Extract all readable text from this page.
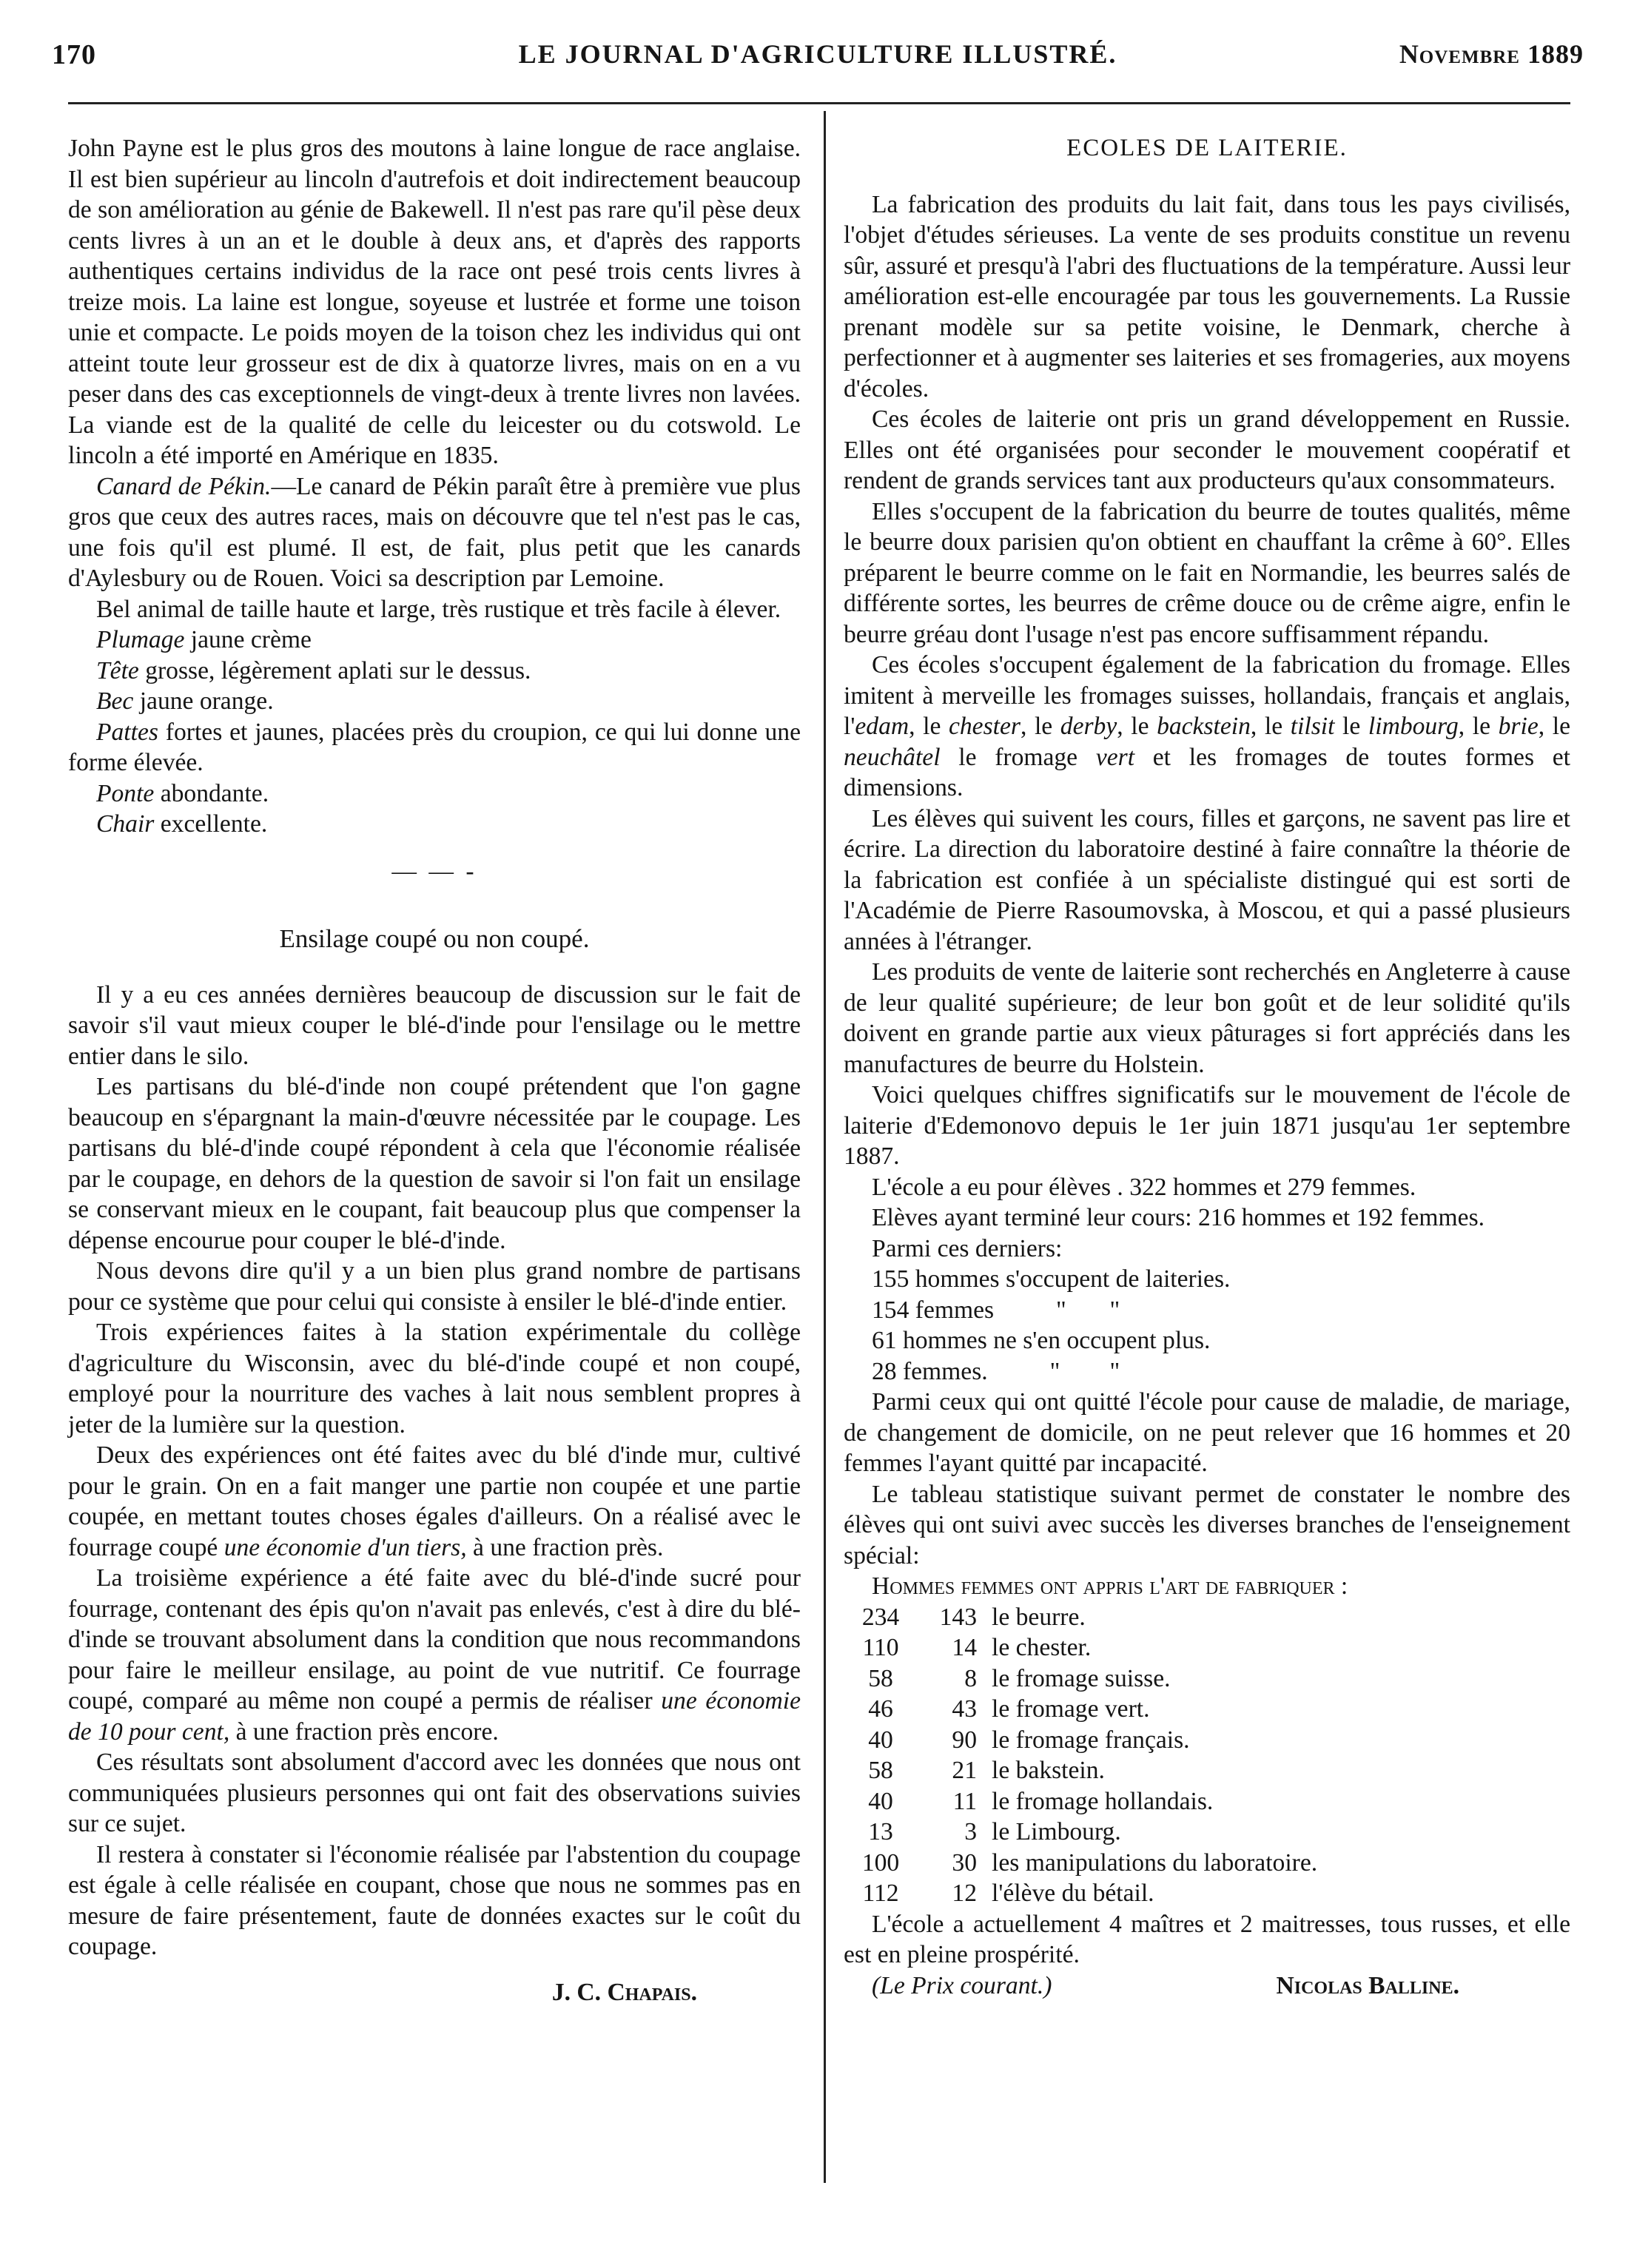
170	LE JOURNAL D'AGRICULTURE ILLUSTRÉ.	Novembre 1889

John Payne est le plus gros des moutons à laine longue de race anglaise. Il est bien supérieur au lincoln d'autrefois et doit indirectement beaucoup de son amélioration au génie de Bakewell. Il n'est pas rare qu'il pèse deux cents livres à un an et le double à deux ans, et d'après des rapports authentiques certains individus de la race ont pesé trois cents livres à treize mois. La laine est longue, soyeuse et lustrée et forme une toison unie et compacte. Le poids moyen de la toison chez les individus qui ont atteint toute leur grosseur est de dix à quatorze livres, mais on en a vu peser dans des cas exceptionnels de vingt-deux à trente livres non lavées. La viande est de la qualité de celle du leicester ou du cotswold. Le lincoln a été importé en Amérique en 1835.

Canard de Pékin.—Le canard de Pékin paraît être à première vue plus gros que ceux des autres races, mais on découvre que tel n'est pas le cas, une fois qu'il est plumé. Il est, de fait, plus petit que les canards d'Aylesbury ou de Rouen. Voici sa description par Lemoine.

Bel animal de taille haute et large, très rustique et très facile à élever.

Plumage jaune crème

Tête grosse, légèrement aplati sur le dessus.

Bec jaune orange.

Pattes fortes et jaunes, placées près du croupion, ce qui lui donne une forme élevée.

Ponte abondante.

Chair excellente.

— — -

Ensilage coupé ou non coupé.

Il y a eu ces années dernières beaucoup de discussion sur le fait de savoir s'il vaut mieux couper le blé-d'inde pour l'ensilage ou le mettre entier dans le silo.

Les partisans du blé-d'inde non coupé prétendent que l'on gagne beaucoup en s'épargnant la main-d'œuvre nécessitée par le coupage. Les partisans du blé-d'inde coupé répondent à cela que l'économie réalisée par le coupage, en dehors de la question de savoir si l'on fait un ensilage se conservant mieux en le coupant, fait beaucoup plus que compenser la dépense encourue pour couper le blé-d'inde.

Nous devons dire qu'il y a un bien plus grand nombre de partisans pour ce système que pour celui qui consiste à ensiler le blé-d'inde entier.

Trois expériences faites à la station expérimentale du collège d'agriculture du Wisconsin, avec du blé-d'inde coupé et non coupé, employé pour la nourriture des vaches à lait nous semblent propres à jeter de la lumière sur la question.

Deux des expériences ont été faites avec du blé d'inde mur, cultivé pour le grain. On en a fait manger une partie non coupée et une partie coupée, en mettant toutes choses égales d'ailleurs. On a réalisé avec le fourrage coupé une économie d'un tiers, à une fraction près.

La troisième expérience a été faite avec du blé-d'inde sucré pour fourrage, contenant des épis qu'on n'avait pas enlevés, c'est à dire du blé-d'inde se trouvant absolument dans la condition que nous recommandons pour faire le meilleur ensilage, au point de vue nutritif. Ce fourrage coupé, comparé au même non coupé a permis de réaliser une économie de 10 pour cent, à une fraction près encore.

Ces résultats sont absolument d'accord avec les données que nous ont communiquées plusieurs personnes qui ont fait des observations suivies sur ce sujet.

Il restera à constater si l'économie réalisée par l'abstention du coupage est égale à celle réalisée en coupant, chose que nous ne sommes pas en mesure de faire présentement, faute de données exactes sur le coût du coupage.

J. C. Chapais.

ECOLES DE LAITERIE.

La fabrication des produits du lait fait, dans tous les pays civilisés, l'objet d'études sérieuses. La vente de ses produits constitue un revenu sûr, assuré et presqu'à l'abri des fluctuations de la température. Aussi leur amélioration est-elle encouragée par tous les gouvernements. La Russie prenant modèle sur sa petite voisine, le Denmark, cherche à perfectionner et à augmenter ses laiteries et ses fromageries, aux moyens d'écoles.

Ces écoles de laiterie ont pris un grand développement en Russie. Elles ont été organisées pour seconder le mouvement coopératif et rendent de grands services tant aux producteurs qu'aux consommateurs.

Elles s'occupent de la fabrication du beurre de toutes qualités, même le beurre doux parisien qu'on obtient en chauffant la crême à 60°. Elles préparent le beurre comme on le fait en Normandie, les beurres salés de différente sortes, les beurres de crême douce ou de crême aigre, enfin le beurre gréau dont l'usage n'est pas encore suffisamment répandu.

Ces écoles s'occupent également de la fabrication du fromage. Elles imitent à merveille les fromages suisses, hollandais, français et anglais, l'edam, le chester, le derby, le backstein, le tilsit le limbourg, le brie, le neuchâtel le fromage vert et les fromages de toutes formes et dimensions.

Les élèves qui suivent les cours, filles et garçons, ne savent pas lire et écrire. La direction du laboratoire destiné à faire connaître la théorie de la fabrication est confiée à un spécialiste distingué qui est sorti de l'Académie de Pierre Rasoumovska, à Moscou, et qui a passé plusieurs années à l'étranger.

Les produits de vente de laiterie sont recherchés en Angleterre à cause de leur qualité supérieure; de leur bon goût et de leur solidité qu'ils doivent en grande partie aux vieux pâturages si fort appréciés dans les manufactures de beurre du Holstein.

Voici quelques chiffres significatifs sur le mouvement de l'école de laiterie d'Edemonovo depuis le 1er juin 1871 jusqu'au 1er septembre 1887.

L'école a eu pour élèves . 322 hommes et 279 femmes.

Elèves ayant terminé leur cours: 216 hommes et 192 femmes.

Parmi ces derniers:

155 hommes s'occupent de laiteries.

154 femmes          "       "

61 hommes ne s'en occupent plus.

28 femmes.          "        "

Parmi ceux qui ont quitté l'école pour cause de maladie, de mariage, de changement de domicile, on ne peut relever que 16 hommes et 20 femmes l'ayant quitté par incapacité.

Le tableau statistique suivant permet de constater le nombre des élèves qui ont suivi avec succès les diverses branches de l'enseignement spécial:

Hommes femmes ont appris l'art de fabriquer :

234	143	le beurre.
110	14	le chester.
58	8	le fromage suisse.
46	43	le fromage vert.
40	90	le fromage français.
58	21	le bakstein.
40	11	le fromage hollandais.
13	3	le Limbourg.
100	30	les manipulations du laboratoire.
112	12	l'élève du bétail.

L'école a actuellement 4 maîtres et 2 maitresses, tous russes, et elle est en pleine prospérité.

(Le Prix courant.)	Nicolas Balline.
